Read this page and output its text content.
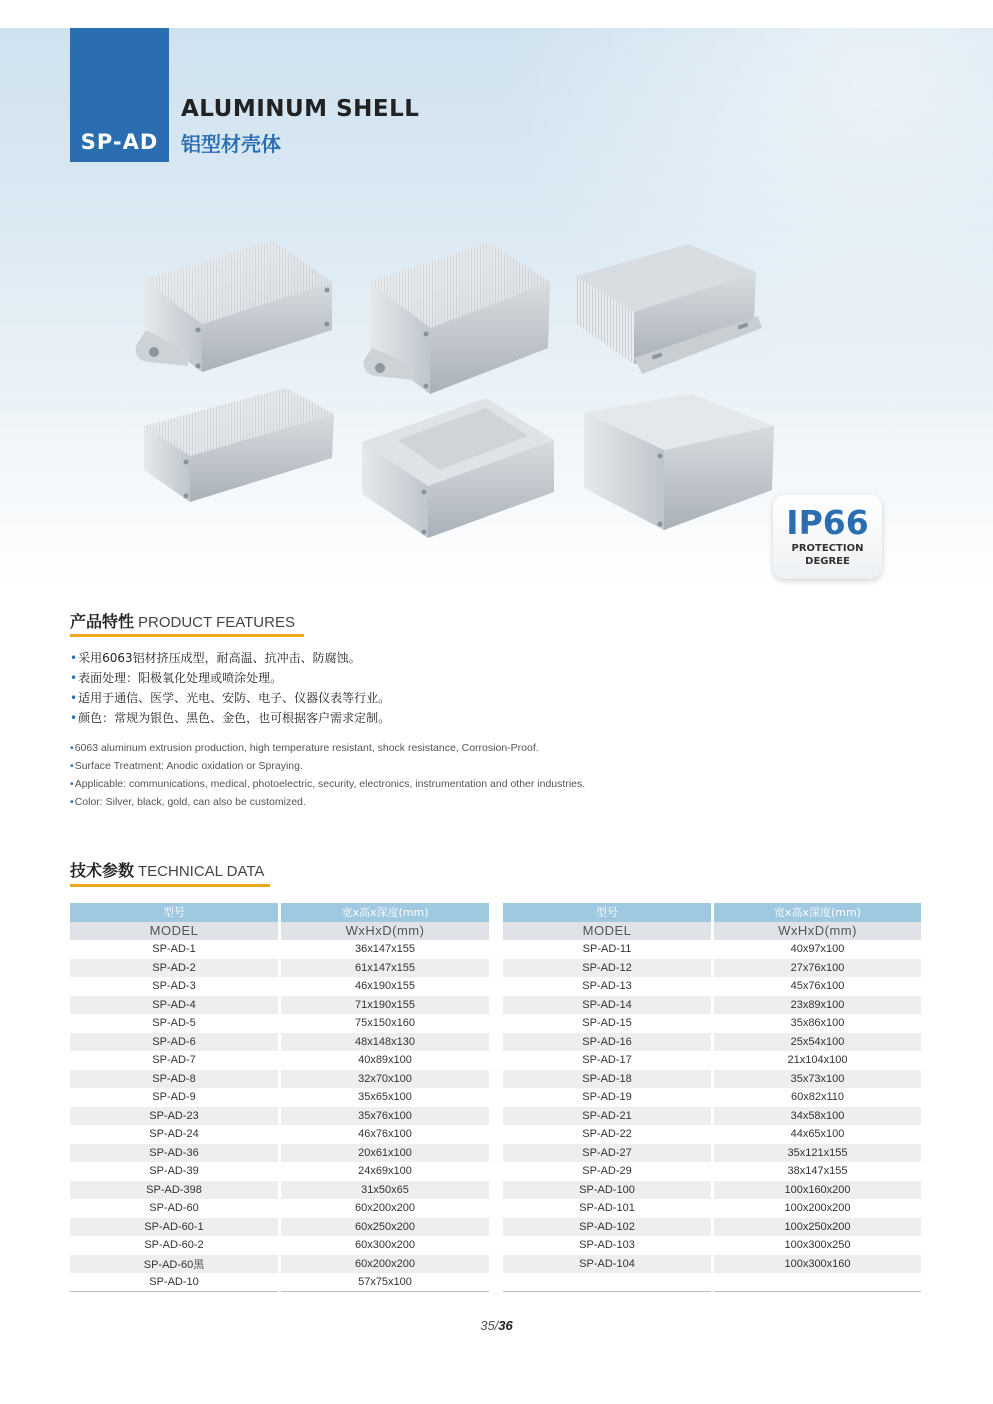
SP-AD
ALUMINUM SHELL
铝型材壳体
IP66
PROTECTION
DEGREE
产品特性 PRODUCT FEATURES
•采用6063铝材挤压成型，耐高温、抗冲击、防腐蚀。
•表面处理：阳极氧化处理或喷涂处理。
•适用于通信、医学、光电、安防、电子、仪器仪表等行业。
•颜色：常规为银色、黑色、金色，也可根据客户需求定制。
•6063 aluminum extrusion production, high temperature resistant, shock resistance, Corrosion-Proof.
•Surface Treatment: Anodic oxidation or Spraying.
•Applicable: communications, medical, photoelectric, security, electronics, instrumentation and other industries.
•Color: Silver, black, gold, can also be customized.
技术参数 TECHNICAL DATA
型号		宽x高x深度(mm)
MODEL		WxHxD(mm)
SP-AD-1		36x147x155
SP-AD-2		61x147x155
SP-AD-3		46x190x155
SP-AD-4		71x190x155
SP-AD-5		75x150x160
SP-AD-6		48x148x130
SP-AD-7		40x89x100
SP-AD-8		32x70x100
SP-AD-9		35x65x100
SP-AD-23		35x76x100
SP-AD-24		46x76x100
SP-AD-36		20x61x100
SP-AD-39		24x69x100
SP-AD-398		31x50x65
SP-AD-60		60x200x200
SP-AD-60-1		60x250x200
SP-AD-60-2		60x300x200
SP-AD-60黑		60x200x200
SP-AD-10		57x75x100
型号		宽x高x深度(mm)
MODEL		WxHxD(mm)
SP-AD-11		40x97x100
SP-AD-12		27x76x100
SP-AD-13		45x76x100
SP-AD-14		23x89x100
SP-AD-15		35x86x100
SP-AD-16		25x54x100
SP-AD-17		21x104x100
SP-AD-18		35x73x100
SP-AD-19		60x82x110
SP-AD-21		34x58x100
SP-AD-22		44x65x100
SP-AD-27		35x121x155
SP-AD-29		38x147x155
SP-AD-100		100x160x200
SP-AD-101		100x200x200
SP-AD-102		100x250x200
SP-AD-103		100x300x250
SP-AD-104		100x300x160

35/36
